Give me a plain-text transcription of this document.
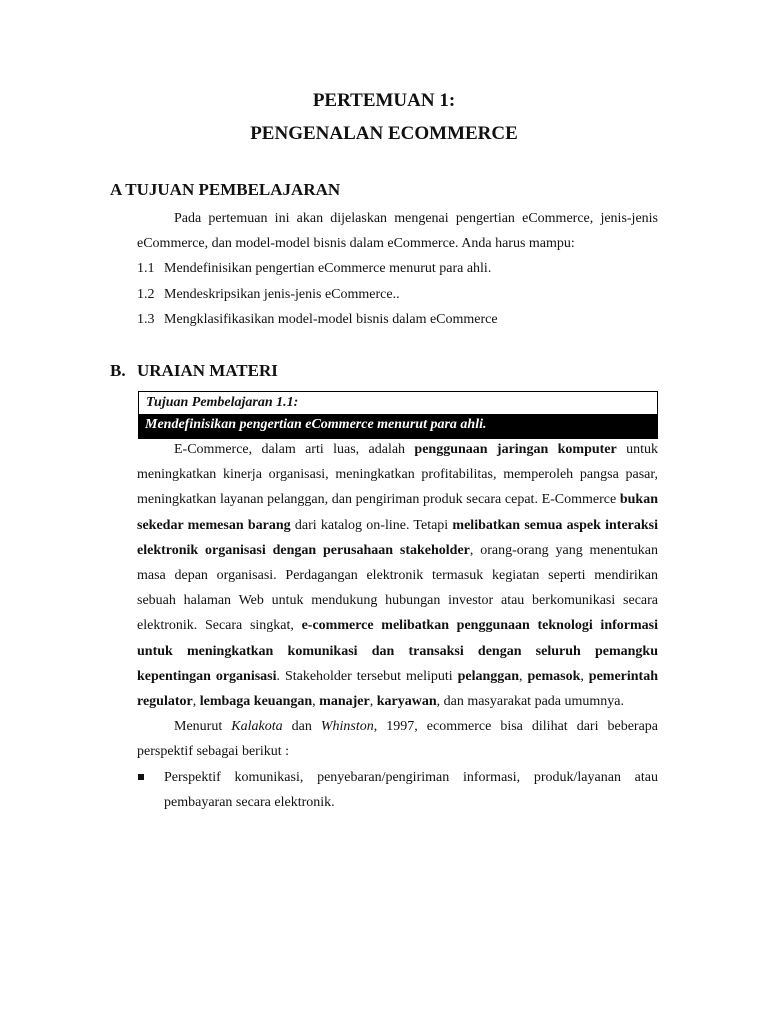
PERTEMUAN 1:
PENGENALAN ECOMMERCE
A TUJUAN PEMBELAJARAN
Pada pertemuan ini akan dijelaskan mengenai pengertian eCommerce, jenis-jenis eCommerce, dan model-model bisnis dalam eCommerce. Anda harus mampu:
1.1 Mendefinisikan pengertian eCommerce menurut para ahli.
1.2 Mendeskripsikan jenis-jenis eCommerce..
1.3 Mengklasifikasikan model-model bisnis dalam eCommerce
B. URAIAN MATERI
Tujuan Pembelajaran 1.1:
Mendefinisikan pengertian eCommerce menurut para ahli.
E-Commerce, dalam arti luas, adalah penggunaan jaringan komputer untuk meningkatkan kinerja organisasi, meningkatkan profitabilitas, memperoleh pangsa pasar, meningkatkan layanan pelanggan, dan pengiriman produk secara cepat. E-Commerce bukan sekedar memesan barang dari katalog on-line. Tetapi melibatkan semua aspek interaksi elektronik organisasi dengan perusahaan stakeholder, orang-orang yang menentukan masa depan organisasi. Perdagangan elektronik termasuk kegiatan seperti mendirikan sebuah halaman Web untuk mendukung hubungan investor atau berkomunikasi secara elektronik. Secara singkat, e-commerce melibatkan penggunaan teknologi informasi untuk meningkatkan komunikasi dan transaksi dengan seluruh pemangku kepentingan organisasi. Stakeholder tersebut meliputi pelanggan, pemasok, pemerintah regulator, lembaga keuangan, manajer, karyawan, dan masyarakat pada umumnya.
Menurut Kalakota dan Whinston, 1997, ecommerce bisa dilihat dari beberapa perspektif sebagai berikut :
Perspektif komunikasi, penyebaran/pengiriman informasi, produk/layanan atau pembayaran secara elektronik.
